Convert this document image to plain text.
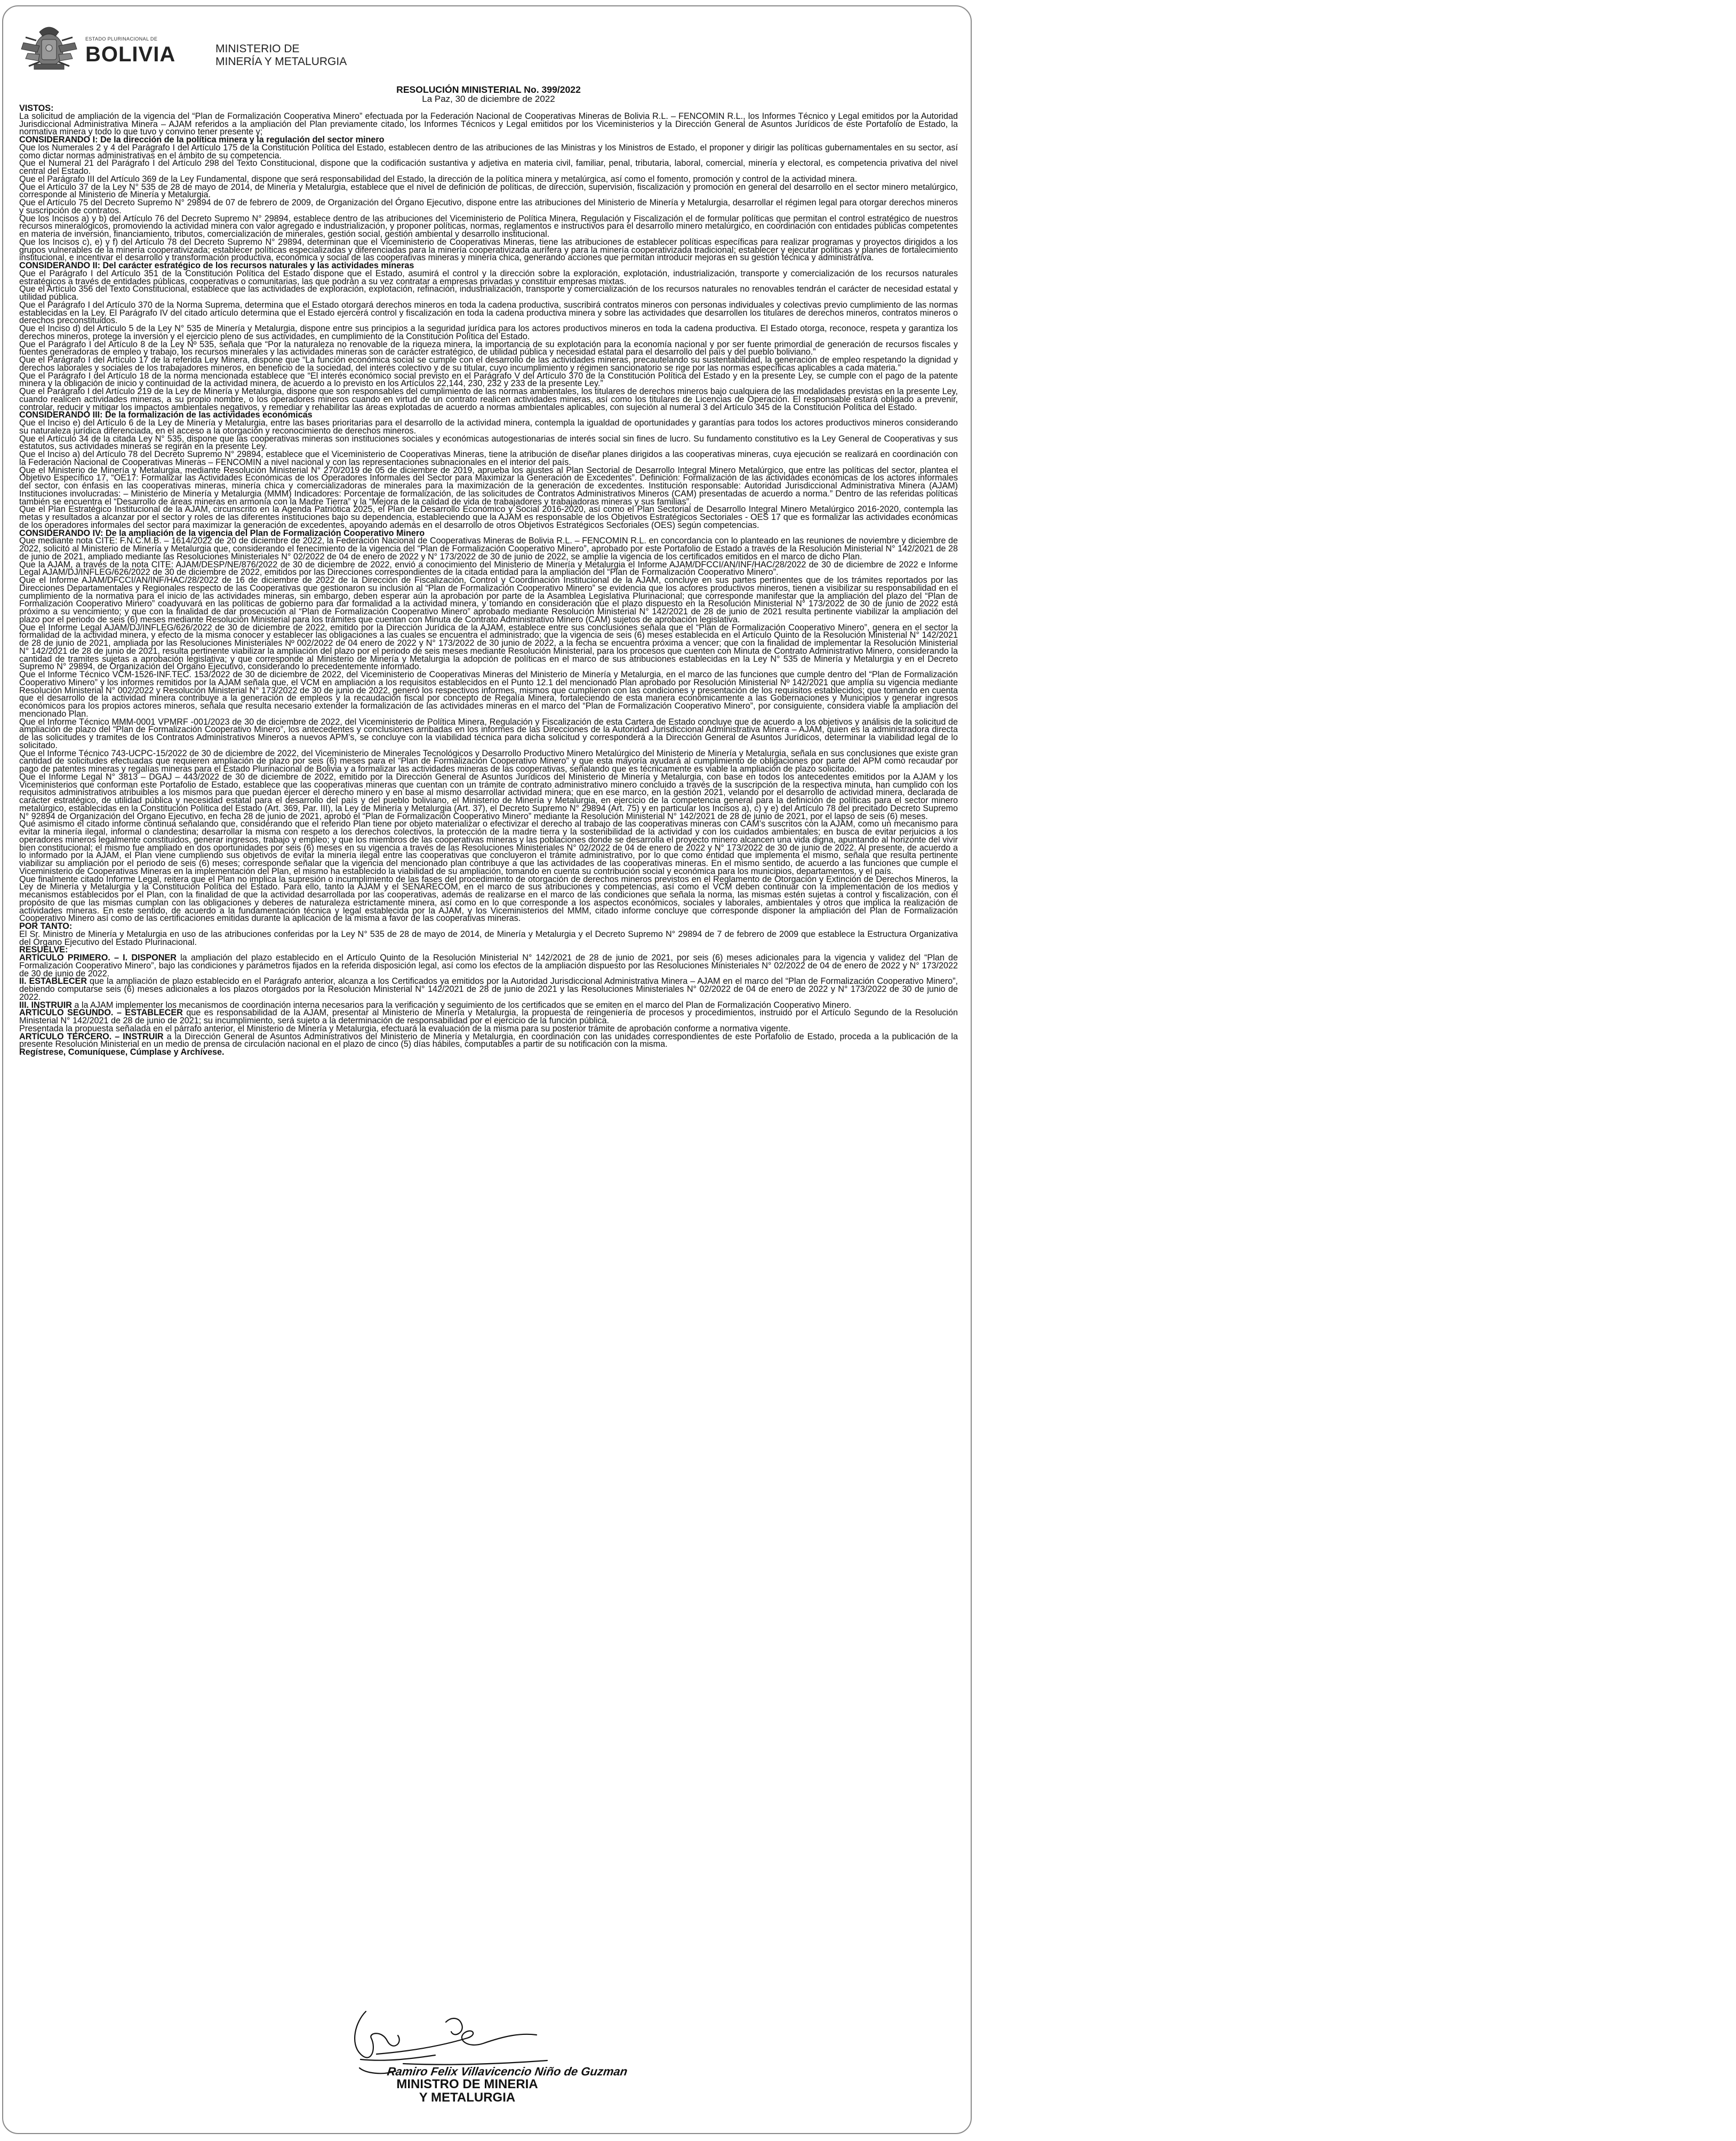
ESTADO PLURINACIONAL DE
BOLIVIA	MINISTERIO DE
MINERÍA Y METALURGIA
RESOLUCIÓN MINISTERIAL No. 399/2022
La Paz, 30 de diciembre de 2022

VISTOS:

La solicitud de ampliación de la vigencia del “Plan de Formalización Cooperativa Minero” efectuada por la Federación Nacional de Cooperativas Mineras de Bolivia R.L. – FENCOMIN R.L., los Informes Técnico y Legal emitidos por la Autoridad Jurisdiccional Administrativa Minera – AJAM referidos a la ampliación del Plan previamente citado, los Informes Técnicos y Legal emitidos por los Viceministerios y la Dirección General de Asuntos Jurídicos de este Portafolio de Estado, la normativa minera y todo lo que tuvo y convino tener presente y;

CONSIDERANDO I: De la dirección de la política minera y la regulación del sector minero

Que los Numerales 2 y 4 del Parágrafo I del Artículo 175 de la Constitución Política del Estado, establecen dentro de las atribuciones de las Ministras y los Ministros de Estado, el proponer y dirigir las políticas gubernamentales en su sector, así como dictar normas administrativas en el ámbito de su competencia.

Que el Numeral 21 del Parágrafo I del Artículo 298 del Texto Constitucional, dispone que la codificación sustantiva y adjetiva en materia civil, familiar, penal, tributaria, laboral, comercial, minería y electoral, es competencia privativa del nivel central del Estado.

Que el Parágrafo III del Artículo 369 de la Ley Fundamental, dispone que será responsabilidad del Estado, la dirección de la política minera y metalúrgica, así como el fomento, promoción y control de la actividad minera.

Que el Artículo 37 de la Ley N° 535 de 28 de mayo de 2014, de Minería y Metalurgia, establece que el nivel de definición de políticas, de dirección, supervisión, fiscalización y promoción en general del desarrollo en el sector minero metalúrgico, corresponde al Ministerio de Minería y Metalurgia.

Que el Artículo 75 del Decreto Supremo N° 29894 de 07 de febrero de 2009, de Organización del Órgano Ejecutivo, dispone entre las atribuciones del Ministerio de Minería y Metalurgia, desarrollar el régimen legal para otorgar derechos mineros y suscripción de contratos.

Que los Incisos a) y b) del Artículo 76 del Decreto Supremo N° 29894, establece dentro de las atribuciones del Viceministerio de Política Minera, Regulación y Fiscalización el de formular políticas que permitan el control estratégico de nuestros recursos mineralógicos, promoviendo la actividad minera con valor agregado e industrialización, y proponer políticas, normas, reglamentos e instructivos para el desarrollo minero metalúrgico, en coordinación con entidades públicas competentes en materia de inversión, financiamiento, tributos, comercialización de minerales, gestión social, gestión ambiental y desarrollo institucional.

Que los Incisos c), e) y f) del Artículo 78 del Decreto Supremo N° 29894, determinan que el Viceministerio de Cooperativas Mineras, tiene las atribuciones de establecer políticas específicas para realizar programas y proyectos dirigidos a los grupos vulnerables de la minería cooperativizada; establecer políticas especializadas y diferenciadas para la minería cooperativizada aurífera y para la minería cooperativizada tradicional; establecer y ejecutar políticas y planes de fortalecimiento institucional, e incentivar el desarrollo y transformación productiva, económica y social de las cooperativas mineras y minería chica, generando acciones que permitan introducir mejoras en su gestión técnica y administrativa.

CONSIDERANDO II: Del carácter estratégico de los recursos naturales y las actividades mineras

Que el Parágrafo I del Artículo 351 de la Constitución Política del Estado dispone que el Estado, asumirá el control y la dirección sobre la exploración, explotación, industrialización, transporte y comercialización de los recursos naturales estratégicos a través de entidades públicas, cooperativas o comunitarias, las que podrán a su vez contratar a empresas privadas y constituir empresas mixtas.

Que el Artículo 356 del Texto Constitucional, establece que las actividades de exploración, explotación, refinación, industrialización, transporte y comercialización de los recursos naturales no renovables tendrán el carácter de necesidad estatal y utilidad pública.

Que el Parágrafo I del Artículo 370 de la Norma Suprema, determina que el Estado otorgará derechos mineros en toda la cadena productiva, suscribirá contratos mineros con personas individuales y colectivas previo cumplimiento de las normas establecidas en la Ley. El Parágrafo IV del citado artículo determina que el Estado ejercerá control y fiscalización en toda la cadena productiva minera y sobre las actividades que desarrollen los titulares de derechos mineros, contratos mineros o derechos preconstituidos.

Que el Inciso d) del Artículo 5 de la Ley N° 535 de Minería y Metalurgia, dispone entre sus principios a la seguridad jurídica para los actores productivos mineros en toda la cadena productiva. El Estado otorga, reconoce, respeta y garantiza los derechos mineros, protege la inversión y el ejercicio pleno de sus actividades, en cumplimiento de la Constitución Política del Estado.

Que el Parágrafo I del Artículo 8 de la Ley Nº 535, señala que “Por la naturaleza no renovable de la riqueza minera, la importancia de su explotación para la economía nacional y por ser fuente primordial de generación de recursos fiscales y fuentes generadoras de empleo y trabajo, los recursos minerales y las actividades mineras son de carácter estratégico, de utilidad pública y necesidad estatal para el desarrollo del país y del pueblo boliviano.”

Que el Parágrafo I del Artículo 17 de la referida Ley Minera, dispone que “La función económica social se cumple con el desarrollo de las actividades mineras, precautelando su sustentabilidad, la generación de empleo respetando la dignidad y derechos laborales y sociales de los trabajadores mineros, en beneficio de la sociedad, del interés colectivo y de su titular, cuyo incumplimiento y régimen sancionatorio se rige por las normas específicas aplicables a cada materia.”

Que el Parágrafo I del Artículo 18 de la norma mencionada establece que “El interés económico social previsto en el Parágrafo V del Artículo 370 de la Constitución Política del Estado y en la presente Ley, se cumple con el pago de la patente minera y la obligación de inicio y continuidad de la actividad minera, de acuerdo a lo previsto en los Artículos 22,144, 230, 232 y 233 de la presente Ley.”

Que el Parágrafo I del Artículo 219 de la Ley de Minería y Metalurgia, dispone que son responsables del cumplimiento de las normas ambientales, los titulares de derechos mineros bajo cualquiera de las modalidades previstas en la presente Ley, cuando realicen actividades mineras, a su propio nombre, o los operadores mineros cuando en virtud de un contrato realicen actividades mineras, así como los titulares de Licencias de Operación. El responsable estará obligado a prevenir, controlar, reducir y mitigar los impactos ambientales negativos, y remediar y rehabilitar las áreas explotadas de acuerdo a normas ambientales aplicables, con sujeción al numeral 3 del Artículo 345 de la Constitución Política del Estado.

CONSIDERANDO III: De la formalización de las actividades económicas

Que el Inciso e) del Artículo 6 de la Ley de Minería y Metalurgia, entre las bases prioritarias para el desarrollo de la actividad minera, contempla la igualdad de oportunidades y garantías para todos los actores productivos mineros considerando su naturaleza jurídica diferenciada, en el acceso a la otorgación y reconocimiento de derechos mineros.

Que el Artículo 34 de la citada Ley N° 535, dispone que las cooperativas mineras son instituciones sociales y económicas autogestionarias de interés social sin fines de lucro. Su fundamento constitutivo es la Ley General de Cooperativas y sus estatutos, sus actividades mineras se regirán en la presente Ley.

Que el Inciso a) del Artículo 78 del Decreto Supremo N° 29894, establece que el Viceministerio de Cooperativas Mineras, tiene la atribución de diseñar planes dirigidos a las cooperativas mineras, cuya ejecución se realizará en coordinación con la Federación Nacional de Cooperativas Mineras – FENCOMIN a nivel nacional y con las representaciones subnacionales en el interior del país.

Que el Ministerio de Minería y Metalurgia, mediante Resolución Ministerial N° 270/2019 de 05 de diciembre de 2019, aprueba los ajustes al Plan Sectorial de Desarrollo Integral Minero Metalúrgico, que entre las políticas del sector, plantea el Objetivo Específico 17, “OE17: Formalizar las Actividades Económicas de los Operadores Informales del Sector para Maximizar la Generación de Excedentes”. Definición: Formalización de las actividades económicas de los actores informales del sector, con énfasis en las cooperativas mineras, minería chica y comercializadoras de minerales para la maximización de la generación de excedentes. Institución responsable: Autoridad Jurisdiccional Administrativa Minera (AJAM) Instituciones involucradas: – Ministerio de Minería y Metalurgia (MMM) Indicadores: Porcentaje de formalización, de las solicitudes de Contratos Administrativos Mineros (CAM) presentadas de acuerdo a norma.” Dentro de las referidas políticas también se encuentra el “Desarrollo de áreas mineras en armonía con la Madre Tierra” y la “Mejora de la calidad de vida de trabajadores y trabajadoras mineras y sus familias”.

Que el Plan Estratégico Institucional de la AJAM, circunscrito en la Agenda Patriótica 2025, el Plan de Desarrollo Económico y Social 2016-2020, así como el Plan Sectorial de Desarrollo Integral Minero Metalúrgico 2016-2020, contempla las metas y resultados a alcanzar por el sector y roles de las diferentes instituciones bajo su dependencia, estableciendo que la AJAM es responsable de los Objetivos Estratégicos Sectoriales - OES 17 que es formalizar las actividades económicas de los operadores informales del sector para maximizar la generación de excedentes, apoyando además en el desarrollo de otros Objetivos Estratégicos Sectoriales (OES) según competencias.

CONSIDERANDO IV: De la ampliación de la vigencia del Plan de Formalización Cooperativo Minero

Que mediante nota CITE: F.N.C.M.B. – 1614/2022 de 20 de diciembre de 2022, la Federación Nacional de Cooperativas Mineras de Bolivia R.L. – FENCOMIN R.L. en concordancia con lo planteado en las reuniones de noviembre y diciembre de 2022, solicitó al Ministerio de Minería y Metalurgia que, considerando el fenecimiento de la vigencia del “Plan de Formalización Cooperativo Minero”, aprobado por este Portafolio de Estado a través de la Resolución Ministerial N° 142/2021 de 28 de junio de 2021, ampliado mediante las Resoluciones Ministeriales N° 02/2022 de 04 de enero de 2022 y N° 173/2022 de 30 de junio de 2022, se amplíe la vigencia de los certificados emitidos en el marco de dicho Plan.

Que la AJAM, a través de la nota CITE: AJAM/DESP/NE/876/2022 de 30 de diciembre de 2022, envió a conocimiento del Ministerio de Minería y Metalurgia el Informe AJAM/DFCCI/AN/INF/HAC/28/2022 de 30 de diciembre de 2022 e Informe Legal AJAM/DJ/INFLEG/626/2022 de 30 de diciembre de 2022, emitidos por las Direcciones correspondientes de la citada entidad para la ampliación del “Plan de Formalización Cooperativo Minero”.

Que el Informe AJAM/DFCCI/AN/INF/HAC/28/2022 de 16 de diciembre de 2022 de la Dirección de Fiscalización, Control y Coordinación Institucional de la AJAM, concluye en sus partes pertinentes que de los trámites reportados por las Direcciones Departamentales y Regionales respecto de las Cooperativas que gestionaron su inclusión al “Plan de Formalización Cooperativo Minero” se evidencia que los actores productivos mineros, tienen a visibilizar su responsabilidad en el cumplimiento de la normativa para el inicio de las actividades mineras, sin embargo, deben esperar aún la aprobación por parte de la Asamblea Legislativa Plurinacional; que corresponde manifestar que la ampliación del plazo del “Plan de Formalización Cooperativo Minero” coadyuvará en las políticas de gobierno para dar formalidad a la actividad minera, y tomando en consideración que el plazo dispuesto en la Resolución Ministerial N° 173/2022 de 30 de junio de 2022 está próximo a su vencimiento; y que con la finalidad de dar prosecución al “Plan de Formalización Cooperativo Minero” aprobado mediante Resolución Ministerial N° 142/2021 de 28 de junio de 2021 resulta pertinente viabilizar la ampliación del plazo por el periodo de seis (6) meses mediante Resolución Ministerial para los trámites que cuentan con Minuta de Contrato Administrativo Minero (CAM) sujetos de aprobación legislativa.

Que el Informe Legal AJAM/DJ/INFLEG/626/2022 de 30 de diciembre de 2022, emitido por la Dirección Jurídica de la AJAM, establece entre sus conclusiones señala que el “Plan de Formalización Cooperativo Minero”, genera en el sector la formalidad de la actividad minera, y efecto de la misma conocer y establecer las obligaciones a las cuales se encuentra el administrado; que la vigencia de seis (6) meses establecida en el Artículo Quinto de la Resolución Ministerial N° 142/2021 de 28 de junio de 2021, ampliada por las Resoluciones Ministeriales Nº 002/2022 de 04 enero de 2022 y N° 173/2022 de 30 junio de 2022, a la fecha se encuentra próxima a vencer; que con la finalidad de implementar la Resolución Ministerial N° 142/2021 de 28 de junio de 2021, resulta pertinente viabilizar la ampliación del plazo por el periodo de seis meses mediante Resolución Ministerial, para los procesos que cuenten con Minuta de Contrato Administrativo Minero, considerando la cantidad de tramites sujetas a aprobación legislativa; y que corresponde al Ministerio de Minería y Metalurgia la adopción de políticas en el marco de sus atribuciones establecidas en la Ley N° 535 de Minería y Metalurgia y en el Decreto Supremo N° 29894, de Organización del Órgano Ejecutivo, considerando lo precedentemente informado.

Que el Informe Técnico VCM-1526-INF.TEC. 153/2022 de 30 de diciembre de 2022, del Viceministerio de Cooperativas Mineras del Ministerio de Minería y Metalurgia, en el marco de las funciones que cumple dentro del “Plan de Formalización Cooperativo Minero” y los informes remitidos por la AJAM señala que, el VCM en ampliación a los requisitos establecidos en el Punto 12.1 del mencionado Plan aprobado por Resolución Ministerial Nº 142/2021 que amplía su vigencia mediante Resolución Ministerial N° 002/2022 y Resolución Ministerial N° 173/2022 de 30 de junio de 2022, generó los respectivos informes, mismos que cumplieron con las condiciones y presentación de los requisitos establecidos; que tomando en cuenta que el desarrollo de la actividad minera contribuye a la generación de empleos y la recaudación fiscal por concepto de Regalía Minera, fortaleciendo de esta manera económicamente a las Gobernaciones y Municipios y generar ingresos económicos para los propios actores mineros, señala que resulta necesario extender la formalización de las actividades mineras en el marco del “Plan de Formalización Cooperativo Minero”, por consiguiente, considera viable la ampliación del mencionado Plan.

Que el Informe Técnico MMM-0001 VPMRF -001/2023 de 30 de diciembre de 2022, del Viceministerio de Política Minera, Regulación y Fiscalización de esta Cartera de Estado concluye que de acuerdo a los objetivos y análisis de la solicitud de ampliación de plazo del “Plan de Formalización Cooperativo Minero”, los antecedentes y conclusiones arribadas en los informes de las Direcciones de la Autoridad Jurisdiccional Administrativa Minera – AJAM, quien es la administradora directa de las solicitudes y tramites de los Contratos Administrativos Mineros a nuevos APM’s, se concluye con la viabilidad técnica para dicha solicitud y corresponderá a la Dirección General de Asuntos Jurídicos, determinar la viabilidad legal de lo solicitado.

Que el Informe Técnico 743-UCPC-15/2022 de 30 de diciembre de 2022, del Viceministerio de Minerales Tecnológicos y Desarrollo Productivo Minero Metalúrgico del Ministerio de Minería y Metalurgia, señala en sus conclusiones que existe gran cantidad de solicitudes efectuadas que requieren ampliación de plazo por seis (6) meses para el “Plan de Formalización Cooperativo Minero” y que esta mayoría ayudará al cumplimiento de obligaciones por parte del APM como recaudar por pago de patentes mineras y regalías mineras para el Estado Plurinacional de Bolivia y a formalizar las actividades mineras de las cooperativas, señalando que es técnicamente es viable la ampliación de plazo solicitado.

Que el Informe Legal N° 3813 – DGAJ – 443/2022 de 30 de diciembre de 2022, emitido por la Dirección General de Asuntos Jurídicos del Ministerio de Minería y Metalurgia, con base en todos los antecedentes emitidos por la AJAM y los Viceministerios que conforman este Portafolio de Estado, establece que las cooperativas mineras que cuentan con un trámite de contrato administrativo minero concluido a través de la suscripción de la respectiva minuta, han cumplido con los requisitos administrativos atribuibles a los mismos para que puedan ejercer el derecho minero y en base al mismo desarrollar actividad minera; que en ese marco, en la gestión 2021, velando por el desarrollo de actividad minera, declarada de carácter estratégico, de utilidad pública y necesidad estatal para el desarrollo del país y del pueblo boliviano, el Ministerio de Minería y Metalurgia, en ejercicio de la competencia general para la definición de políticas para el sector minero metalúrgico, establecidas en la Constitución Política del Estado (Art. 369, Par. III), la Ley de Minería y Metalurgia (Art. 37), el Decreto Supremo N° 29894 (Art. 75) y en particular los Incisos a), c) y e) del Artículo 78 del precitado Decreto Supremo N° 92894 de Organización del Órgano Ejecutivo, en fecha 28 de junio de 2021, aprobó el “Plan de Formalización Cooperativo Minero” mediante la Resolución Ministerial N° 142/2021 de 28 de junio de 2021, por el lapso de seis (6) meses.

Qué asimismo el citado informe continua señalando que, considerando que el referido Plan tiene por objeto materializar o efectivizar el derecho al trabajo de las cooperativas mineras con CAM’s suscritos con la AJAM, como un mecanismo para evitar la minería ilegal, informal o clandestina; desarrollar la misma con respeto a los derechos colectivos, la protección de la madre tierra y la sostenibilidad de la actividad y con los cuidados ambientales; en busca de evitar perjuicios a los operadores mineros legalmente constituidos, generar ingresos, trabajo y empleo; y que los miembros de las cooperativas mineras y las poblaciones donde se desarrolla el proyecto minero alcancen una vida digna, apuntando al horizonte del vivir bien constitucional; el mismo fue ampliado en dos oportunidades por seis (6) meses en su vigencia a través de las Resoluciones Ministeriales N° 02/2022 de 04 de enero de 2022 y N° 173/2022 de 30 de junio de 2022. Al presente, de acuerdo a lo informado por la AJAM, el Plan viene cumpliendo sus objetivos de evitar la minería ilegal entre las cooperativas que concluyeron el trámite administrativo, por lo que como entidad que implementa el mismo, señala que resulta pertinente viabilizar su ampliación por el periodo de seis (6) meses; corresponde señalar que la vigencia del mencionado plan contribuye a que las actividades de las cooperativas mineras. En el mismo sentido, de acuerdo a las funciones que cumple el Viceministerio de Cooperativas Mineras en la implementación del Plan, el mismo ha establecido la viabilidad de su ampliación, tomando en cuenta su contribución social y económica para los municipios, departamentos, y el país.

Que finalmente citado Informe Legal, reitera que el Plan no implica la supresión o incumplimiento de las fases del procedimiento de otorgación de derechos mineros previstos en el Reglamento de Otorgación y Extinción de Derechos Mineros, la Ley de Minería y Metalurgia y la Constitución Política del Estado. Para ello, tanto la AJAM y el SENARECOM, en el marco de sus atribuciones y competencias, así como el VCM deben continuar con la implementación de los medios y mecanismos establecidos por el Plan, con la finalidad de que la actividad desarrollada por las cooperativas, además de realizarse en el marco de las condiciones que señala la norma, las mismas estén sujetas a control y fiscalización, con el propósito de que las mismas cumplan con las obligaciones y deberes de naturaleza estrictamente minera, así como en lo que corresponde a los aspectos económicos, sociales y laborales, ambientales y otros que implica la realización de actividades mineras. En este sentido, de acuerdo a la fundamentación técnica y legal establecida por la AJAM, y los Viceministerios del MMM, citado informe concluye que corresponde disponer la ampliación del Plan de Formalización Cooperativo Minero así como de las certificaciones emitidas durante la aplicación de la misma a favor de las cooperativas mineras.

POR TANTO:

El Sr. Ministro de Minería y Metalurgia en uso de las atribuciones conferidas por la Ley N° 535 de 28 de mayo de 2014, de Minería y Metalurgia y el Decreto Supremo N° 29894 de 7 de febrero de 2009 que establece la Estructura Organizativa del Órgano Ejecutivo del Estado Plurinacional.

RESUELVE:

ARTÍCULO PRIMERO. – I. DISPONER la ampliación del plazo establecido en el Artículo Quinto de la Resolución Ministerial N° 142/2021 de 28 de junio de 2021, por seis (6) meses adicionales para la vigencia y validez del “Plan de Formalización Cooperativo Minero”, bajo las condiciones y parámetros fijados en la referida disposición legal, así como los efectos de la ampliación dispuesto por las Resoluciones Ministeriales N° 02/2022 de 04 de enero de 2022 y N° 173/2022 de 30 de junio de 2022.

II. ESTABLECER que la ampliación de plazo establecido en el Parágrafo anterior, alcanza a los Certificados ya emitidos por la Autoridad Jurisdiccional Administrativa Minera – AJAM en el marco del “Plan de Formalización Cooperativo Minero”, debiendo computarse seis (6) meses adicionales a los plazos otorgados por la Resolución Ministerial N° 142/2021 de 28 de junio de 2021 y las Resoluciones Ministeriales N° 02/2022 de 04 de enero de 2022 y N° 173/2022 de 30 de junio de 2022.

III. INSTRUIR a la AJAM implementer los mecanismos de coordinación interna necesarios para la verificación y seguimiento de los certificados que se emiten en el marco del Plan de Formalización Cooperativo Minero.

ARTÍCULO SEGUNDO. – ESTABLECER que es responsabilidad de la AJAM, presentar al Ministerio de Minería y Metalurgia, la propuesta de reingeniería de procesos y procedimientos, instruido por el Artículo Segundo de la Resolución Ministerial N° 142/2021 de 28 de junio de 2021; su incumplimiento, será sujeto a la determinación de responsabilidad por el ejercicio de la función pública.

Presentada la propuesta señalada en el párrafo anterior, el Ministerio de Minería y Metalurgia, efectuará la evaluación de la misma para su posterior trámite de aprobación conforme a normativa vigente.

ARTÍCULO TERCERO. – INSTRUIR a la Dirección General de Asuntos Administrativos del Ministerio de Minería y Metalurgia, en coordinación con las unidades correspondientes de este Portafolio de Estado, proceda a la publicación de la presente Resolución Ministerial en un medio de prensa de circulación nacional en el plazo de cinco (5) días hábiles, computables a partir de su notificación con la misma.

Regístrese, Comuníquese, Cúmplase y Archívese.

Ramiro Felix Villavicencio Niño de Guzman
MINISTRO DE MINERIA
Y METALURGIA
